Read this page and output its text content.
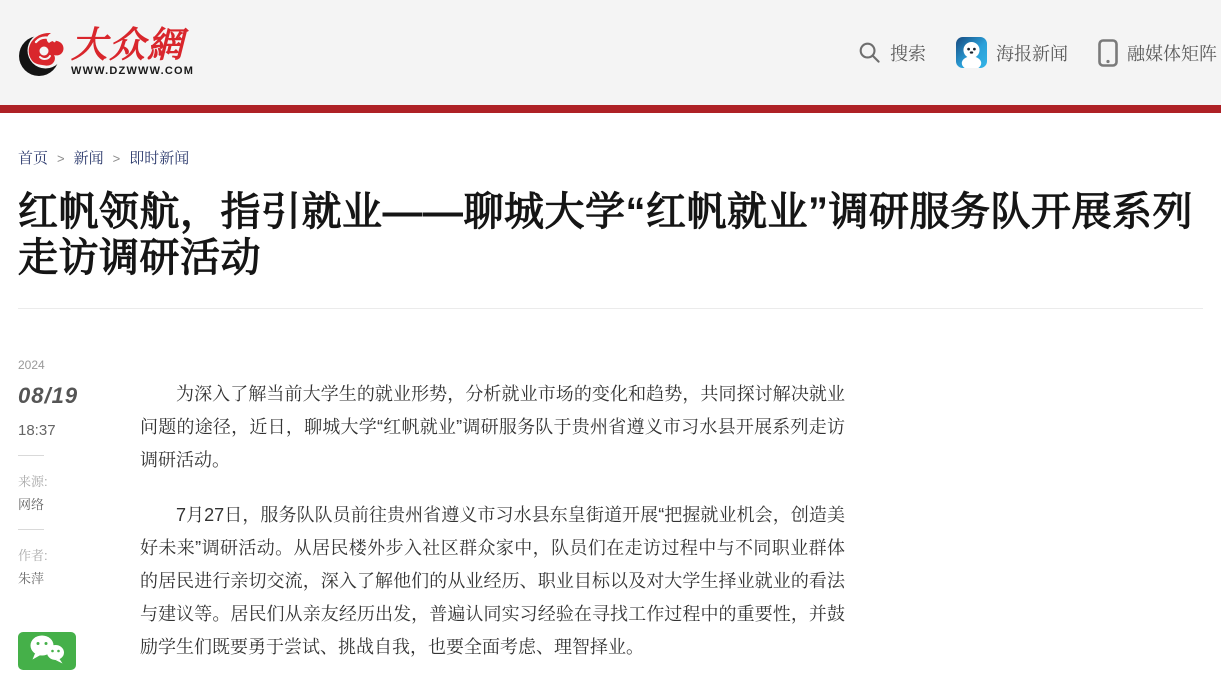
大众網
WWW.DZWWW.COM
搜索	海报新闻	融媒体矩阵
首页 > 新闻 > 即时新闻
红帆领航，指引就业——聊城大学“红帆就业”调研服务队开展系列走访调研活动
2024
08/19
18:37
来源:
网络
作者:
朱萍

为深入了解当前大学生的就业形势，分析就业市场的变化和趋势，共同探讨解决就业问题的途径，近日，聊城大学“红帆就业”调研服务队于贵州省遵义市习水县开展系列走访调研活动。

7月27日，服务队队员前往贵州省遵义市习水县东皇街道开展“把握就业机会，创造美好未来”调研活动。从居民楼外步入社区群众家中，队员们在走访过程中与不同职业群体的居民进行亲切交流，深入了解他们的从业经历、职业目标以及对大学生择业就业的看法与建议等。居民们从亲友经历出发，普遍认同实习经验在寻找工作过程中的重要性，并鼓励学生们既要勇于尝试、挑战自我，也要全面考虑、理智择业。
